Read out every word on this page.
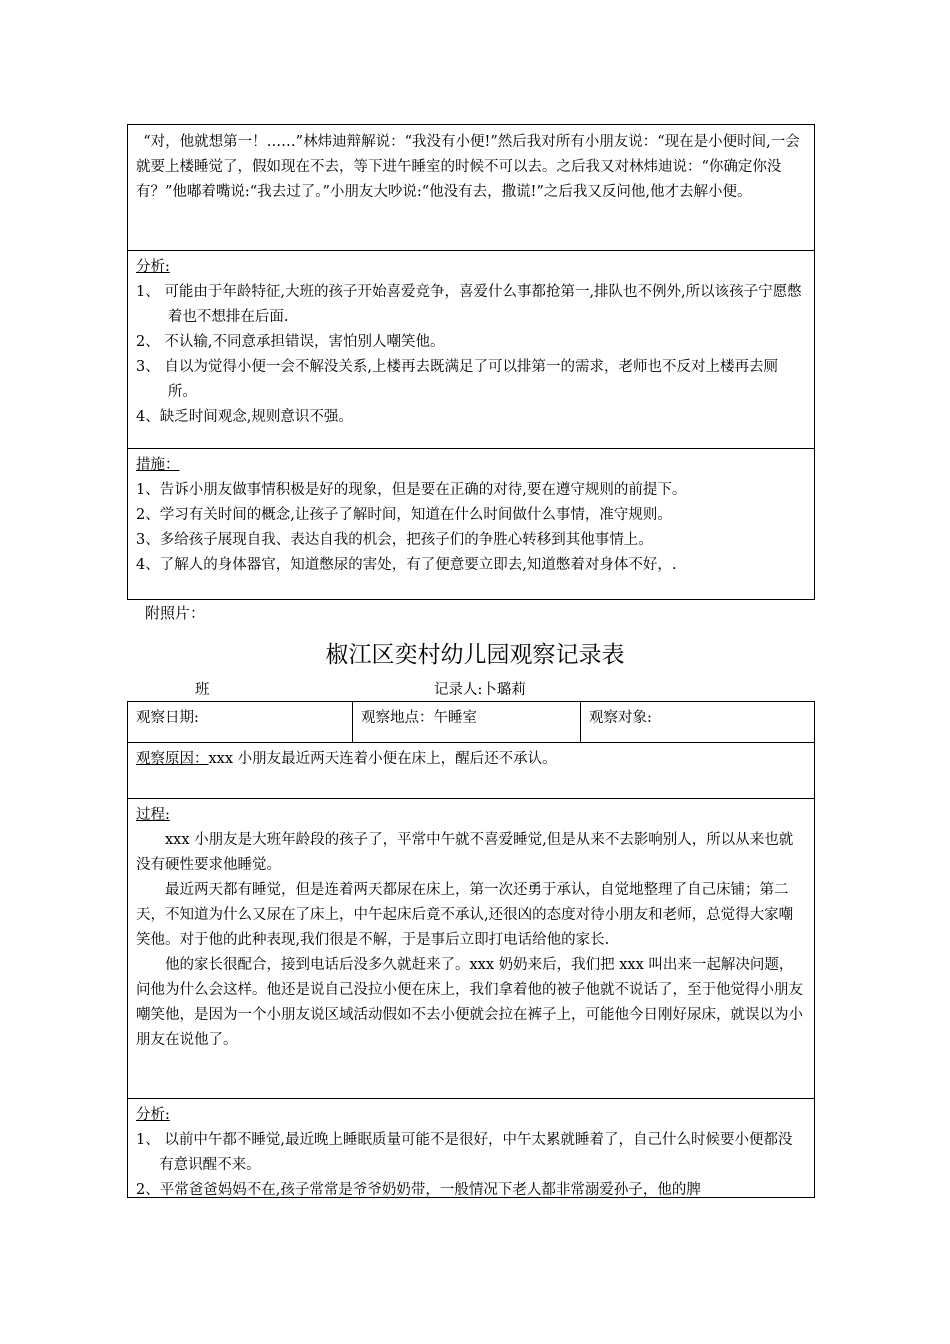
“对，他就想第一！……”林炜迪辩解说：“我没有小便!”然后我对所有小朋友说：“现在是小便时间,一会就要上楼睡觉了，假如现在不去，等下进午睡室的时候不可以去。之后我又对林炜迪说：“你确定你没有？”他嘟着嘴说:“我去过了。”小朋友大吵说:“他没有去，撒谎!”之后我又反问他,他才去解小便。

分析:

1、 可能由于年龄特征,大班的孩子开始喜爱竞争，喜爱什么事都抢第一,排队也不例外,所以该孩子宁愿憋着也不想排在后面.

2、 不认输,不同意承担错误，害怕别人嘲笑他。

3、 自以为觉得小便一会不解没关系,上楼再去既满足了可以排第一的需求，老师也不反对上楼再去厕所。

4、缺乏时间观念,规则意识不强。

措施：

1、告诉小朋友做事情积极是好的现象，但是要在正确的对待,要在遵守规则的前提下。

2、学习有关时间的概念,让孩子了解时间，知道在什么时间做什么事情，准守规则。

3、多给孩子展现自我、表达自我的机会，把孩子们的争胜心转移到其他事情上。

4、了解人的身体器官，知道憋尿的害处，有了便意要立即去,知道憋着对身体不好，.

附照片：
椒江区奕村幼儿园观察记录表
班	记录人:卜璐莉
观察日期:	观察地点：午睡室	观察对象:

观察原因：xxx 小朋友最近两天连着小便在床上，醒后还不承认。

过程:

xxx 小朋友是大班年龄段的孩子了，平常中午就不喜爱睡觉,但是从来不去影响别人，所以从来也就没有硬性要求他睡觉。

最近两天都有睡觉，但是连着两天都尿在床上，第一次还勇于承认，自觉地整理了自己床铺；第二天，不知道为什么又尿在了床上，中午起床后竟不承认,还很凶的态度对待小朋友和老师，总觉得大家嘲笑他。对于他的此种表现,我们很是不解，于是事后立即打电话给他的家长.

他的家长很配合，接到电话后没多久就赶来了。xxx 奶奶来后，我们把 xxx 叫出来一起解决问题，问他为什么会这样。他还是说自己没拉小便在床上，我们拿着他的被子他就不说话了，至于他觉得小朋友嘲笑他，是因为一个小朋友说区域活动假如不去小便就会拉在裤子上，可能他今日刚好尿床，就误以为小朋友在说他了。

分析:

1、 以前中午都不睡觉,最近晚上睡眠质量可能不是很好，中午太累就睡着了，自己什么时候要小便都没有意识醒不来。

2、平常爸爸妈妈不在,孩子常常是爷爷奶奶带，一般情况下老人都非常溺爱孙子，他的脾
